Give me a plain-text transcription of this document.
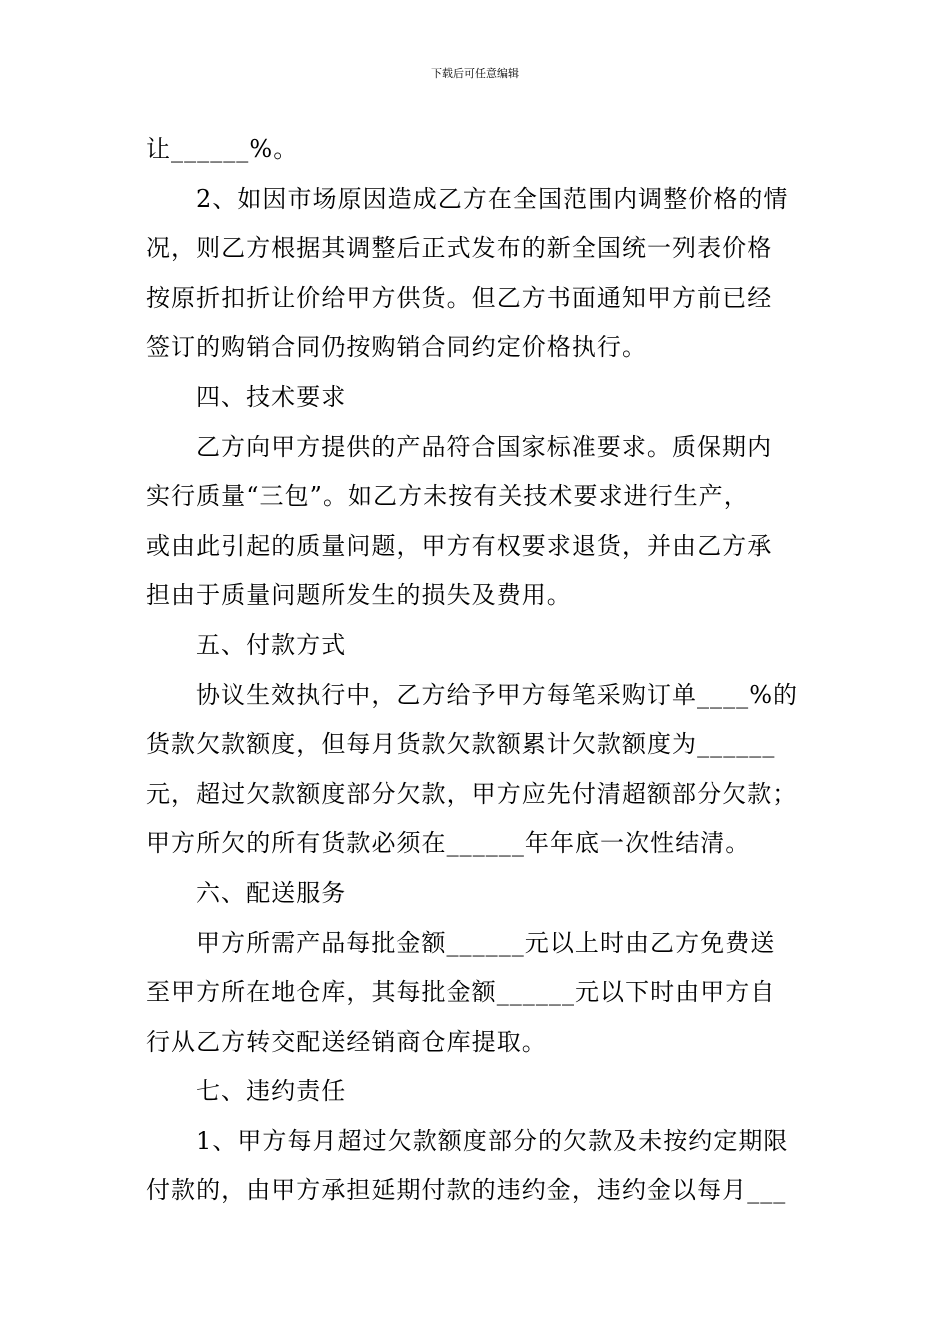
下载后可任意编辑
让______%。
2、如因市场原因造成乙方在全国范围内调整价格的情
况，则乙方根据其调整后正式发布的新全国统一列表价格
按原折扣折让价给甲方供货。但乙方书面通知甲方前已经
签订的购销合同仍按购销合同约定价格执行。
四、技术要求
乙方向甲方提供的产品符合国家标准要求。质保期内
实行质量“三包”。如乙方未按有关技术要求进行生产，
或由此引起的质量问题，甲方有权要求退货，并由乙方承
担由于质量问题所发生的损失及费用。
五、付款方式
协议生效执行中，乙方给予甲方每笔采购订单____%的
货款欠款额度，但每月货款欠款额累计欠款额度为______
元，超过欠款额度部分欠款，甲方应先付清超额部分欠款；
甲方所欠的所有货款必须在______年年底一次性结清。
六、配送服务
甲方所需产品每批金额______元以上时由乙方免费送
至甲方所在地仓库，其每批金额______元以下时由甲方自
行从乙方转交配送经销商仓库提取。
七、违约责任
1、甲方每月超过欠款额度部分的欠款及未按约定期限
付款的，由甲方承担延期付款的违约金，违约金以每月___
